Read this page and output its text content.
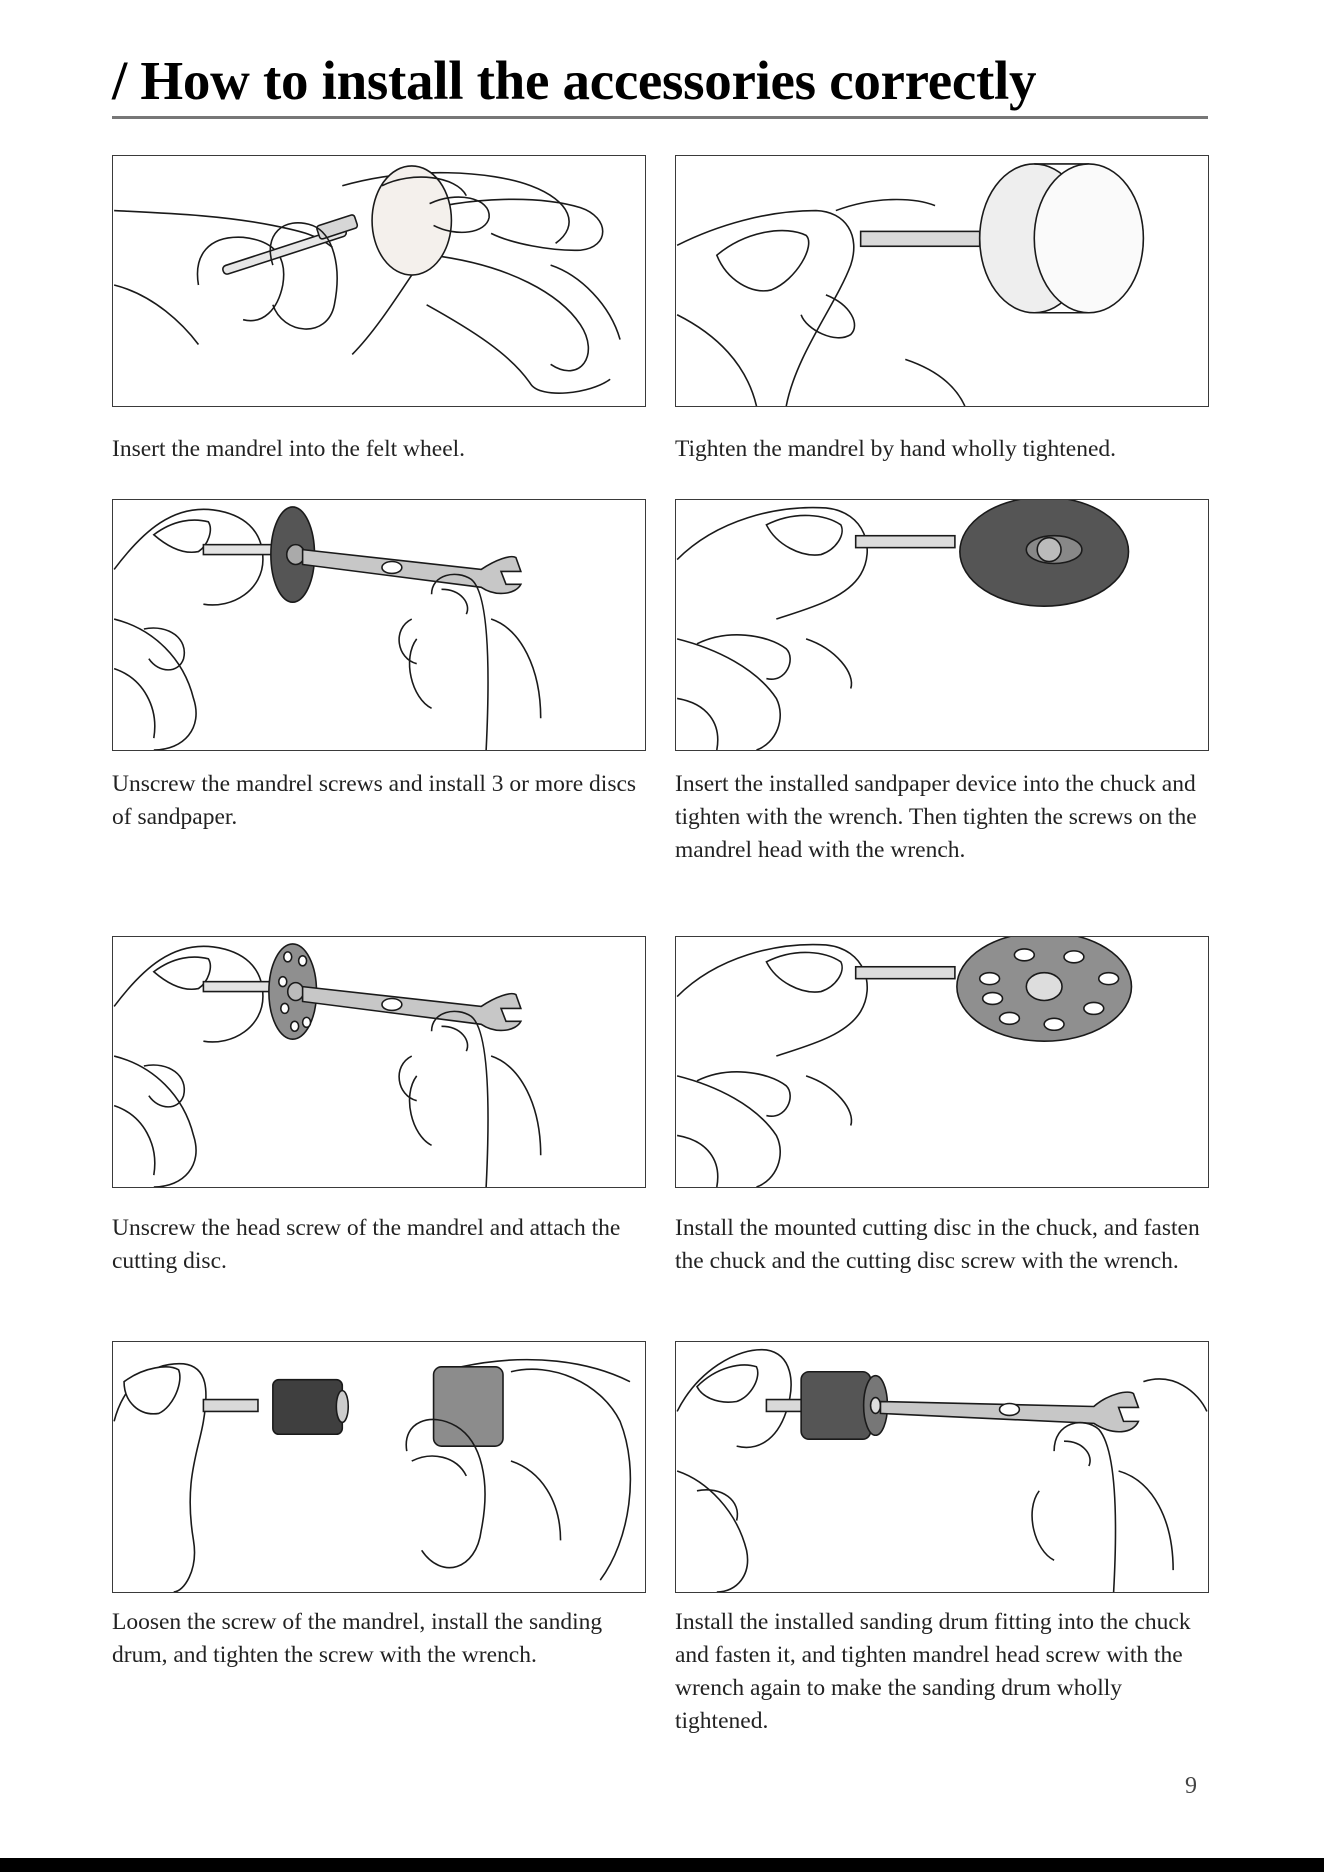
/ How to install the accessories correctly

Insert the mandrel into the felt wheel.	Tighten the mandrel by hand wholly tightened.

Unscrew the mandrel screws and install 3 or more discs of sandpaper.

Insert the installed sandpaper device into the chuck and tighten with the wrench. Then tighten the screws on the mandrel head with the wrench.

Unscrew the head screw of the mandrel and attach the cutting disc.

Install the mounted cutting disc in the chuck, and fasten the chuck and the cutting disc screw with the wrench.

Loosen the screw of the mandrel, install the sanding drum, and tighten the screw with the wrench.

Install the installed sanding drum fitting into the chuck and fasten it, and tighten mandrel head screw with the wrench again to make the sanding drum wholly tightened.

9
